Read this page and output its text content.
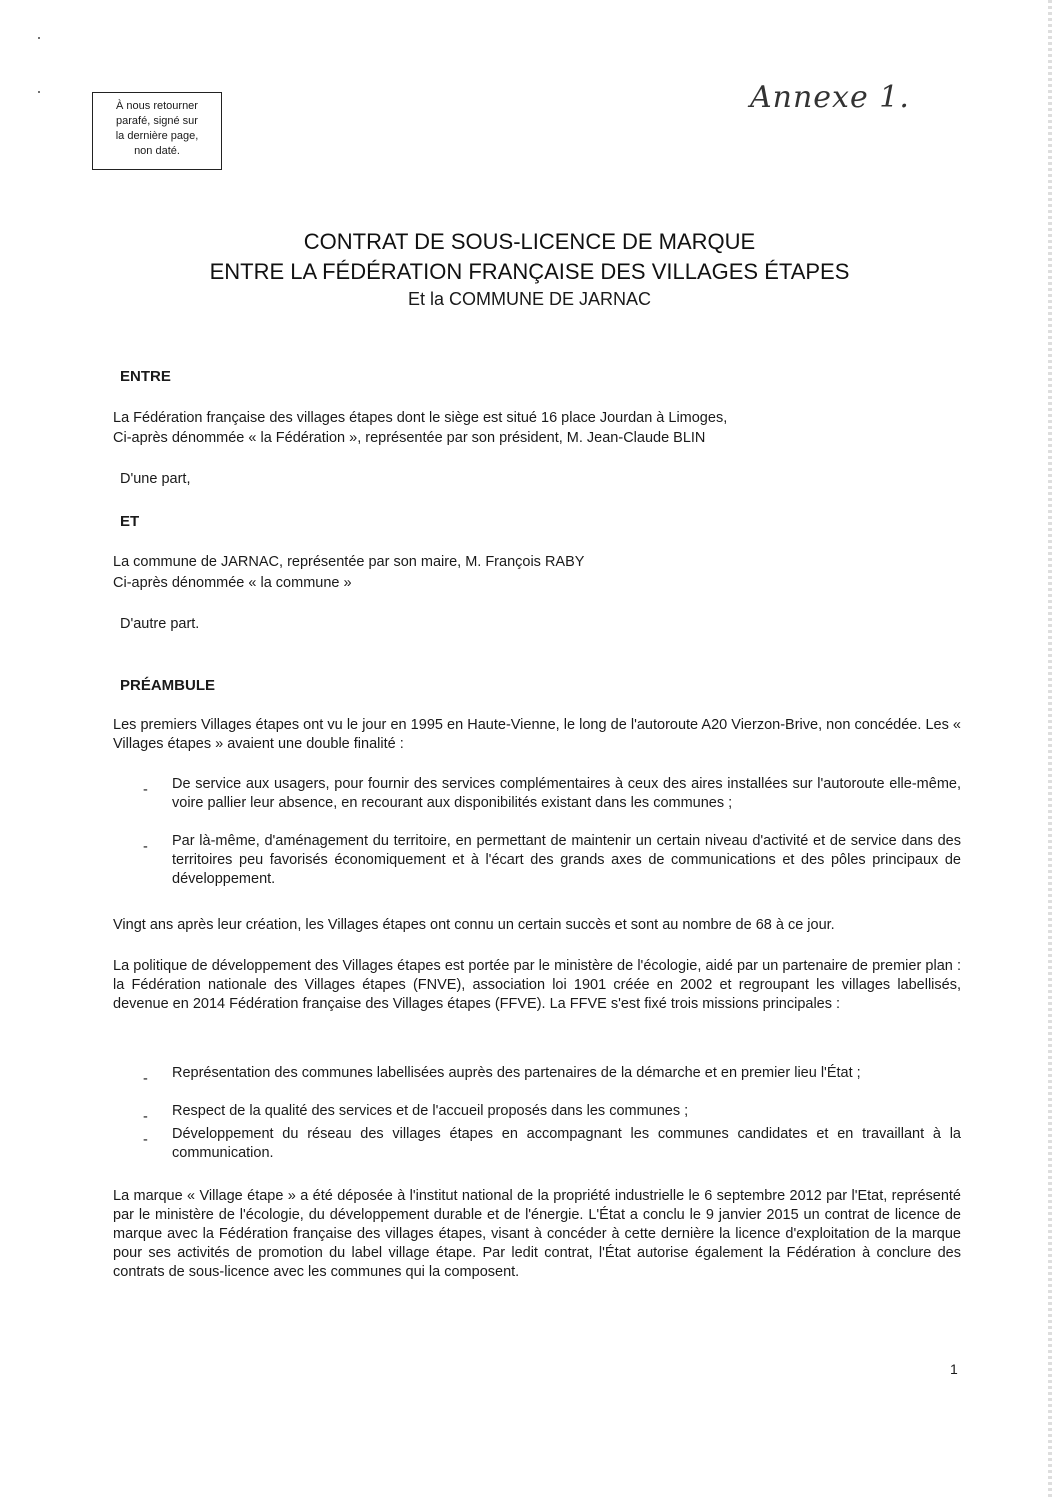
À nous retourner
parafé, signé sur
la dernière page,
non daté.
Annexe 1.
CONTRAT DE SOUS-LICENCE DE MARQUE
ENTRE LA FÉDÉRATION FRANÇAISE DES VILLAGES ÉTAPES
Et la COMMUNE DE JARNAC
ENTRE
La Fédération française des villages étapes dont le siège est situé 16 place Jourdan à Limoges,
Ci-après dénommée « la Fédération », représentée par son président, M. Jean-Claude BLIN
D'une part,
ET
La commune de JARNAC, représentée par son maire, M. François RABY
Ci-après dénommée « la commune »
D'autre part.
PRÉAMBULE
Les premiers Villages étapes ont vu le jour en 1995 en Haute-Vienne, le long de l'autoroute A20 Vierzon-Brive, non concédée. Les « Villages étapes » avaient une double finalité :
- De service aux usagers, pour fournir des services complémentaires à ceux des aires installées sur l'autoroute elle-même, voire pallier leur absence, en recourant aux disponibilités existant dans les communes ;
- Par là-même, d'aménagement du territoire, en permettant de maintenir un certain niveau d'activité et de service dans des territoires peu favorisés économiquement et à l'écart des grands axes de communications et des pôles principaux de développement.
Vingt ans après leur création, les Villages étapes ont connu un certain succès et sont au nombre de 68 à ce jour.
La politique de développement des Villages étapes est portée par le ministère de l'écologie, aidé par un partenaire de premier plan : la Fédération nationale des Villages étapes (FNVE), association loi 1901 créée en 2002 et regroupant les villages labellisés, devenue en 2014 Fédération française des Villages étapes (FFVE). La FFVE s'est fixé trois missions principales :
- Représentation des communes labellisées auprès des partenaires de la démarche et en premier lieu l'État ;
- Respect de la qualité des services et de l'accueil proposés dans les communes ;
- Développement du réseau des villages étapes en accompagnant les communes candidates et en travaillant à la communication.
La marque « Village étape » a été déposée à l'institut national de la propriété industrielle le 6 septembre 2012 par l'Etat, représenté par le ministère de l'écologie, du développement durable et de l'énergie. L'État a conclu le 9 janvier 2015 un contrat de licence de marque avec la Fédération française des villages étapes, visant à concéder à cette dernière la licence d'exploitation de la marque pour ses activités de promotion du label village étape. Par ledit contrat, l'État autorise également la Fédération à conclure des contrats de sous-licence avec les communes qui la composent.
1
